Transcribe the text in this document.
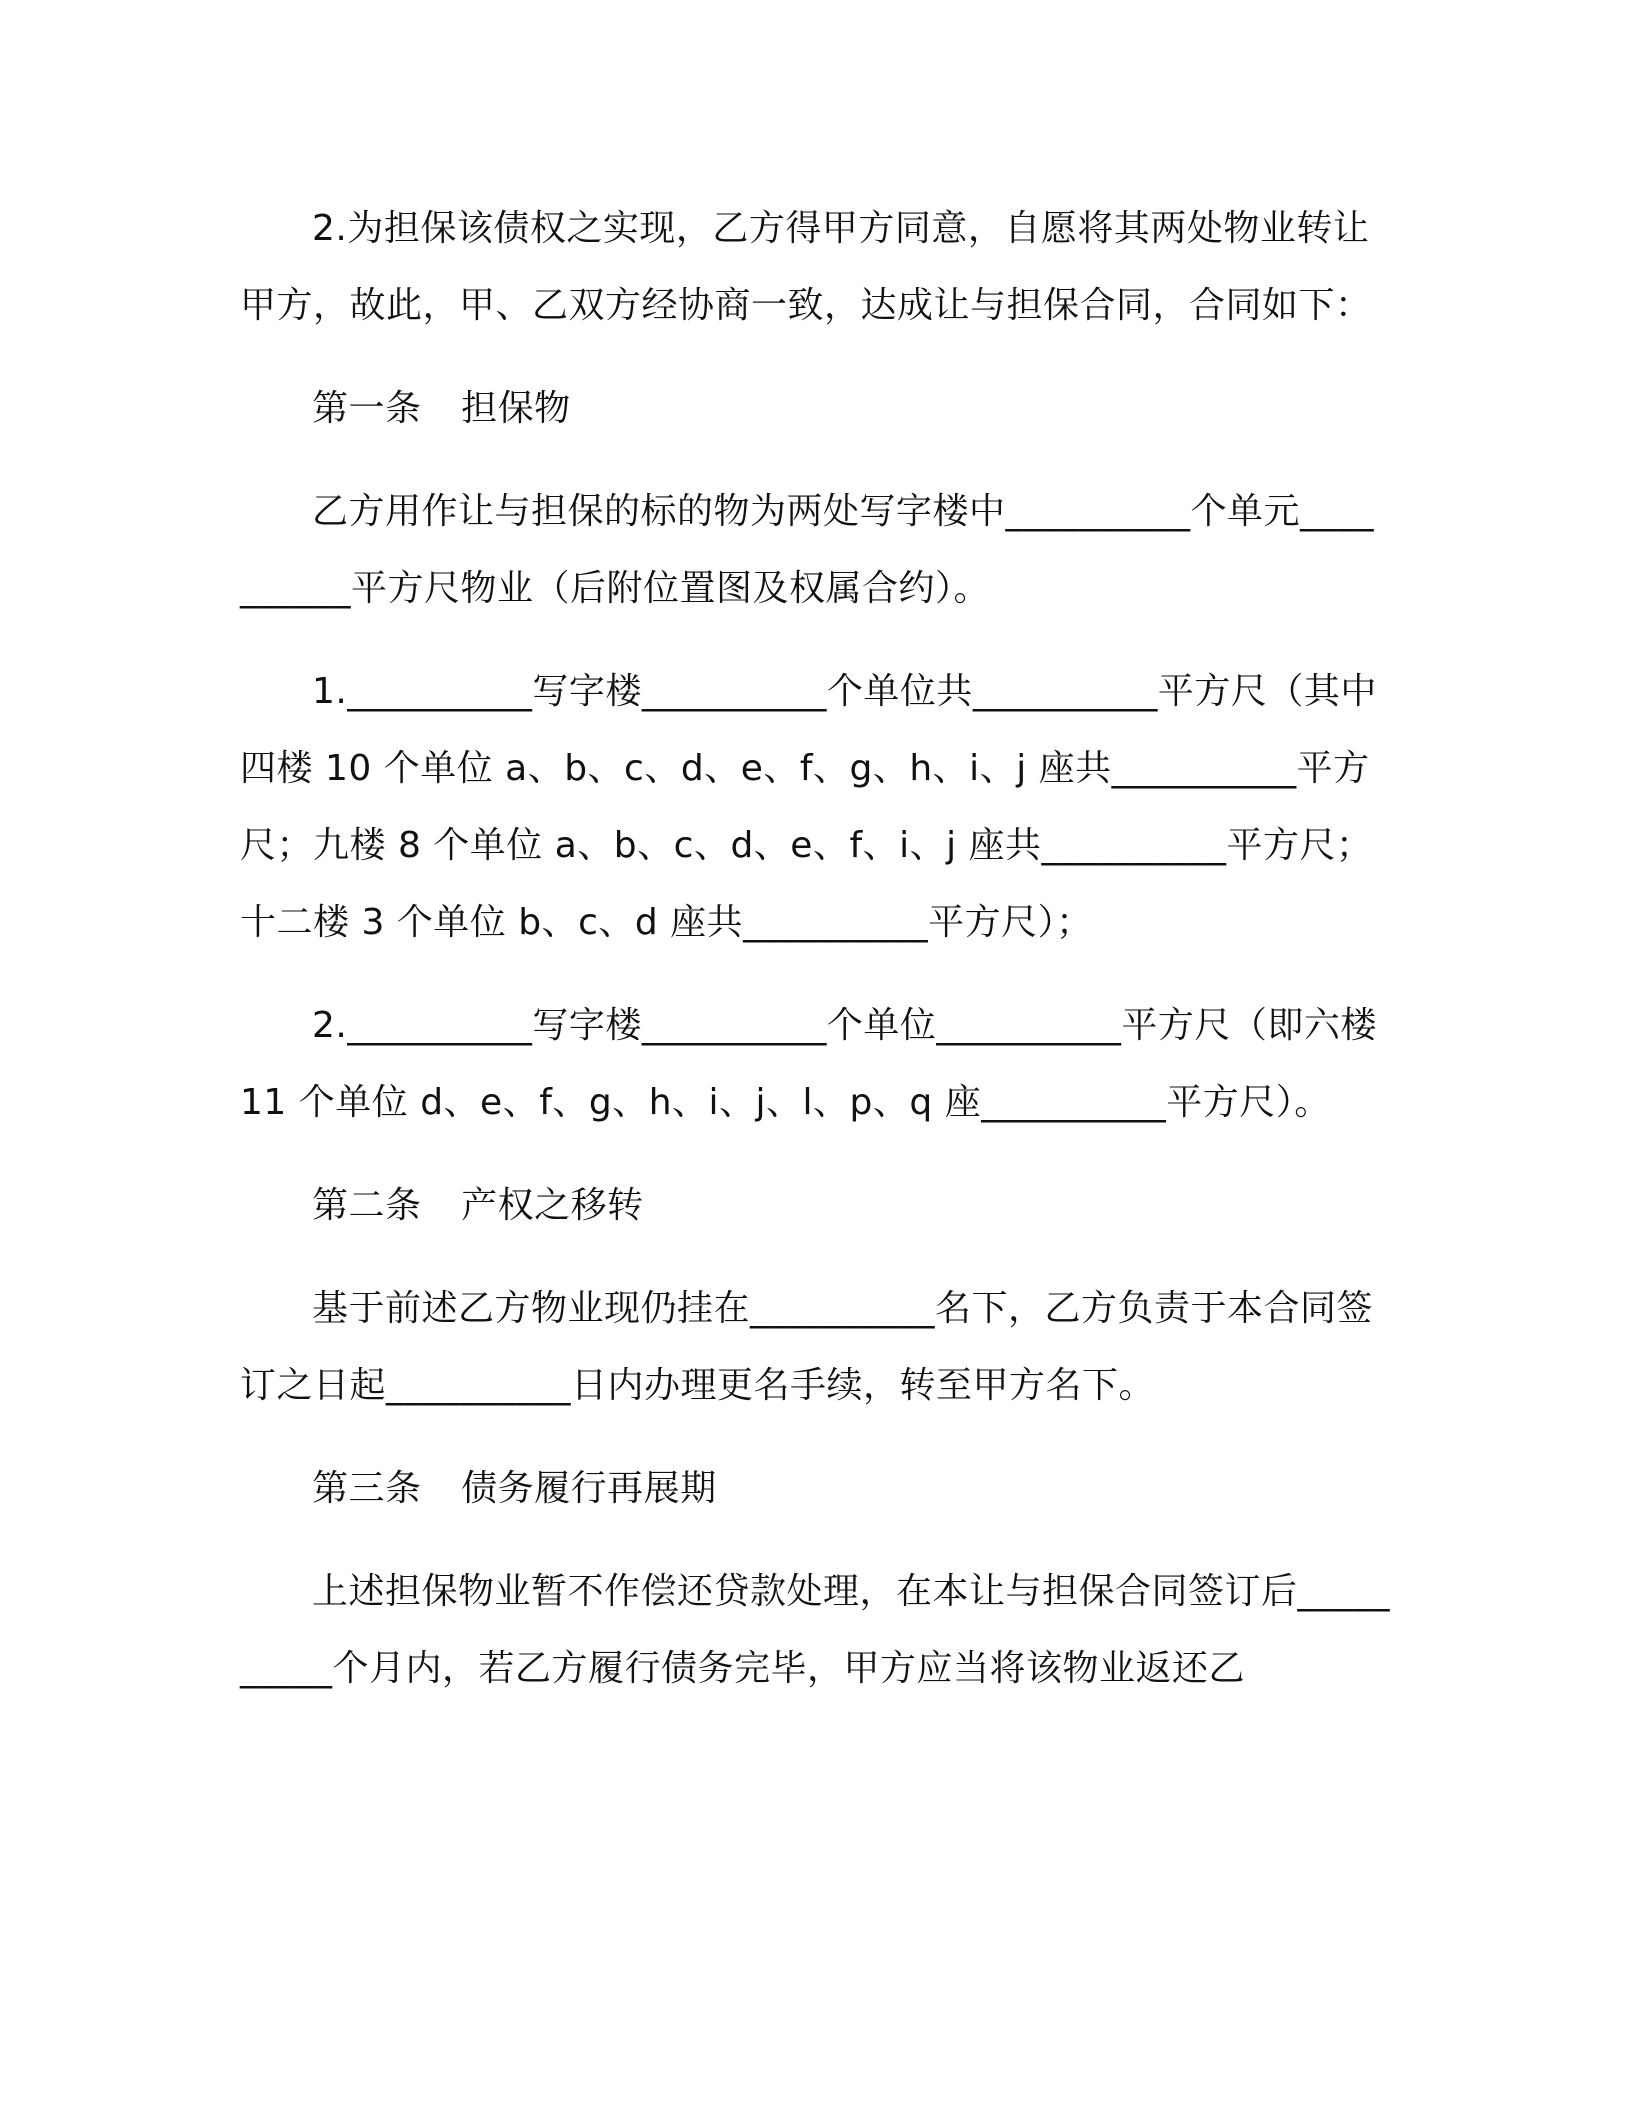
2.为担保该债权之实现，乙方得甲方同意，自愿将其两处物业转让甲方，故此，甲、乙双方经协商一致，达成让与担保合同，合同如下：

第一条 担保物

乙方用作让与担保的标的物为两处写字楼中__________个单元__________平方尺物业（后附位置图及权属合约）。

1.__________写字楼__________个单位共__________平方尺（其中四楼 10 个单位 a、b、c、d、e、f、g、h、i、j 座共__________平方尺；九楼 8 个单位 a、b、c、d、e、f、i、j 座共__________平方尺；十二楼 3 个单位 b、c、d 座共__________平方尺）；

2.__________写字楼__________个单位__________平方尺（即六楼 11 个单位 d、e、f、g、h、i、j、l、p、q 座__________平方尺）。

第二条 产权之移转

基于前述乙方物业现仍挂在__________名下，乙方负责于本合同签订之日起__________日内办理更名手续，转至甲方名下。

第三条 债务履行再展期

上述担保物业暂不作偿还贷款处理，在本让与担保合同签订后__________个月内，若乙方履行债务完毕，甲方应当将该物业返还乙
